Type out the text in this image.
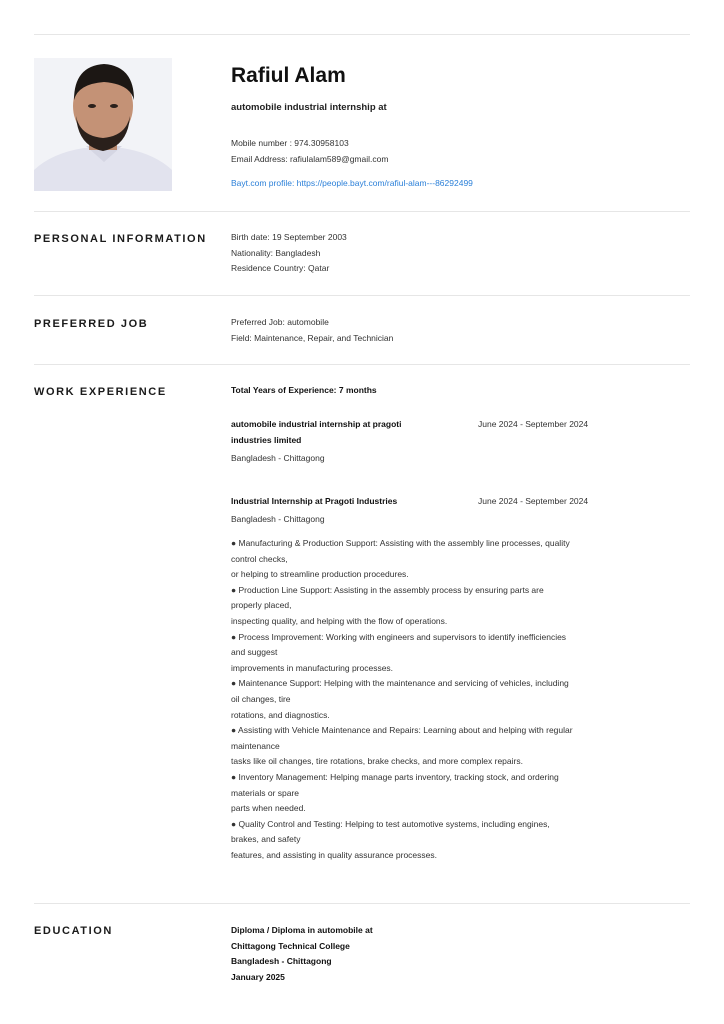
Rafiul Alam
automobile industrial internship at
Mobile number : 974.30958103
Email Address: rafiulalam589@gmail.com
Bayt.com profile: https://people.bayt.com/rafiul-alam---86292499
PERSONAL INFORMATION	Birth date: 19 September 2003
Nationality: Bangladesh
Residence Country: Qatar
PREFERRED JOB	Preferred Job: automobile
Field: Maintenance, Repair, and Technician
WORK EXPERIENCE	Total Years of Experience: 7 months
automobile industrial internship at pragoti
industries limited
June 2024 - September 2024
Bangladesh - Chittagong
Industrial Internship at Pragoti Industries	June 2024 - September 2024
Bangladesh - Chittagong
● Manufacturing & Production Support: Assisting with the assembly line processes, quality
control checks,
or helping to streamline production procedures.
● Production Line Support: Assisting in the assembly process by ensuring parts are
properly placed,
inspecting quality, and helping with the flow of operations.
● Process Improvement: Working with engineers and supervisors to identify inefficiencies
and suggest
improvements in manufacturing processes.
● Maintenance Support: Helping with the maintenance and servicing of vehicles, including
oil changes, tire
rotations, and diagnostics.
● Assisting with Vehicle Maintenance and Repairs: Learning about and helping with regular
maintenance
tasks like oil changes, tire rotations, brake checks, and more complex repairs.
● Inventory Management: Helping manage parts inventory, tracking stock, and ordering
materials or spare
parts when needed.
● Quality Control and Testing: Helping to test automotive systems, including engines,
brakes, and safety
features, and assisting in quality assurance processes.
EDUCATION	Diploma / Diploma in automobile at
Chittagong Technical College
Bangladesh - Chittagong
January 2025
